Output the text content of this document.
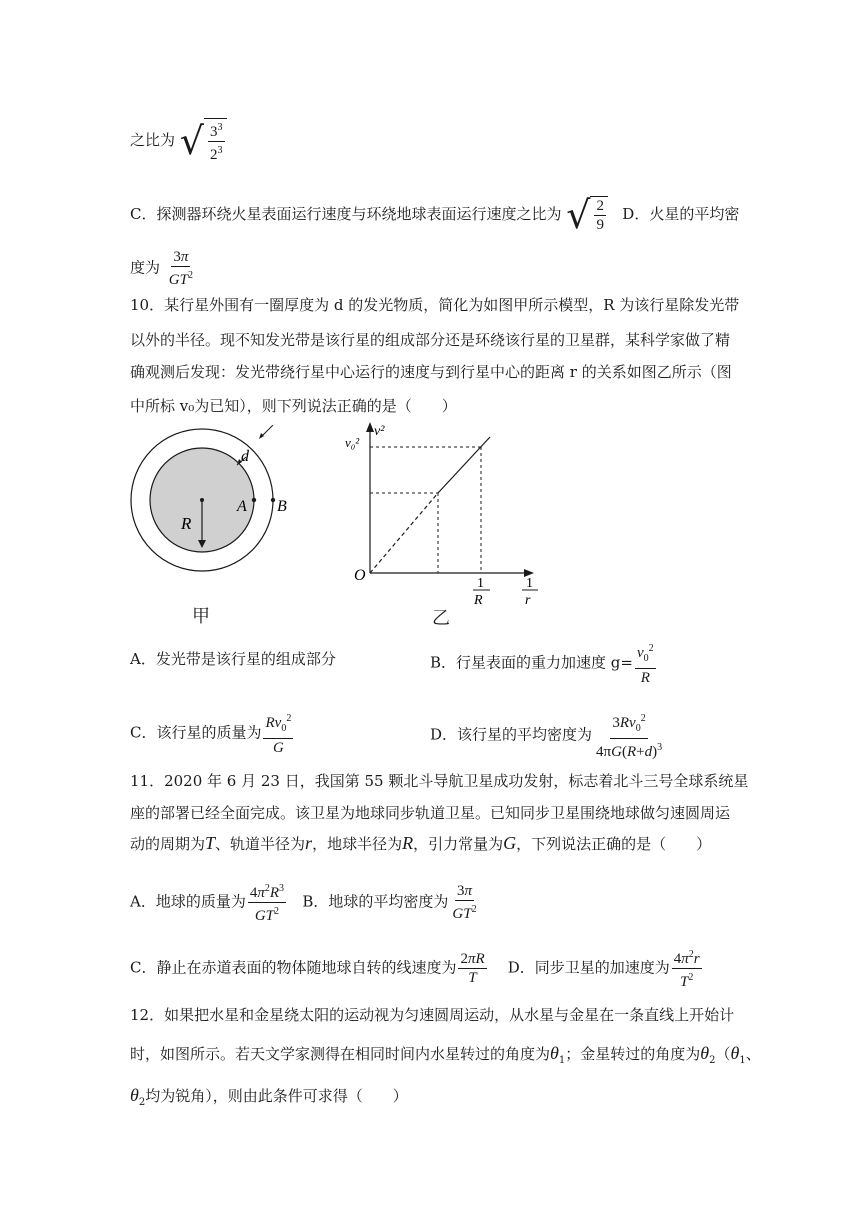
之比为 √ $\frac{3^3}{2^3}$
C．探测器环绕火星表面运行速度与环绕地球表面运行速度之比为 √ $\frac{2}{9}$ D．火星的平均密
度为 $\frac{3\pi}{GT^2}$
10．某行星外围有一圈厚度为 d 的发光物质，简化为如图甲所示模型，R 为该行星除发光带
以外的半径。现不知发光带是该行星的组成部分还是环绕该行星的卫星群，某科学家做了精
确观测后发现：发光带绕行星中心运行的速度与到行星中心的距离 r 的关系如图乙所示（图
中所标 v₀为已知），则下列说法正确的是（　　）
d
A B
R
甲
v²
v₀²
O	1
R
1
r
乙
A．发光带是该行星的组成部分	B．行星表面的重力加速度 $g= \frac{v_0^2}{R}$
C．该行星的质量为 $\frac{Rv_0^2}{G}$	D．该行星的平均密度为 $\frac{3Rv_0^2}{4\pi G(R+d)^3}$
11．2020 年 6 月 23 日，我国第 55 颗北斗导航卫星成功发射，标志着北斗三号全球系统星
座的部署已经全面完成。该卫星为地球同步轨道卫星。已知同步卫星围绕地球做匀速圆周运
动的周期为T、轨道半径为r，地球半径为R，引力常量为G，下列说法正确的是（　　）
A．地球的质量为 $\frac{4\pi^2R^3}{GT^2}$ B．地球的平均密度为 $\frac{3\pi}{GT^2}$
C．静止在赤道表面的物体随地球自转的线速度为 $\frac{2\pi R}{T}$ D．同步卫星的加速度为 $\frac{4\pi^2r}{T^2}$
12．如果把水星和金星绕太阳的运动视为匀速圆周运动，从水星与金星在一条直线上开始计
时，如图所示。若天文学家测得在相同时间内水星转过的角度为$\theta_1$；金星转过的角度为$\theta_2(\theta_1$、
$\theta_2$均为锐角），则由此条件可求得（　　）
